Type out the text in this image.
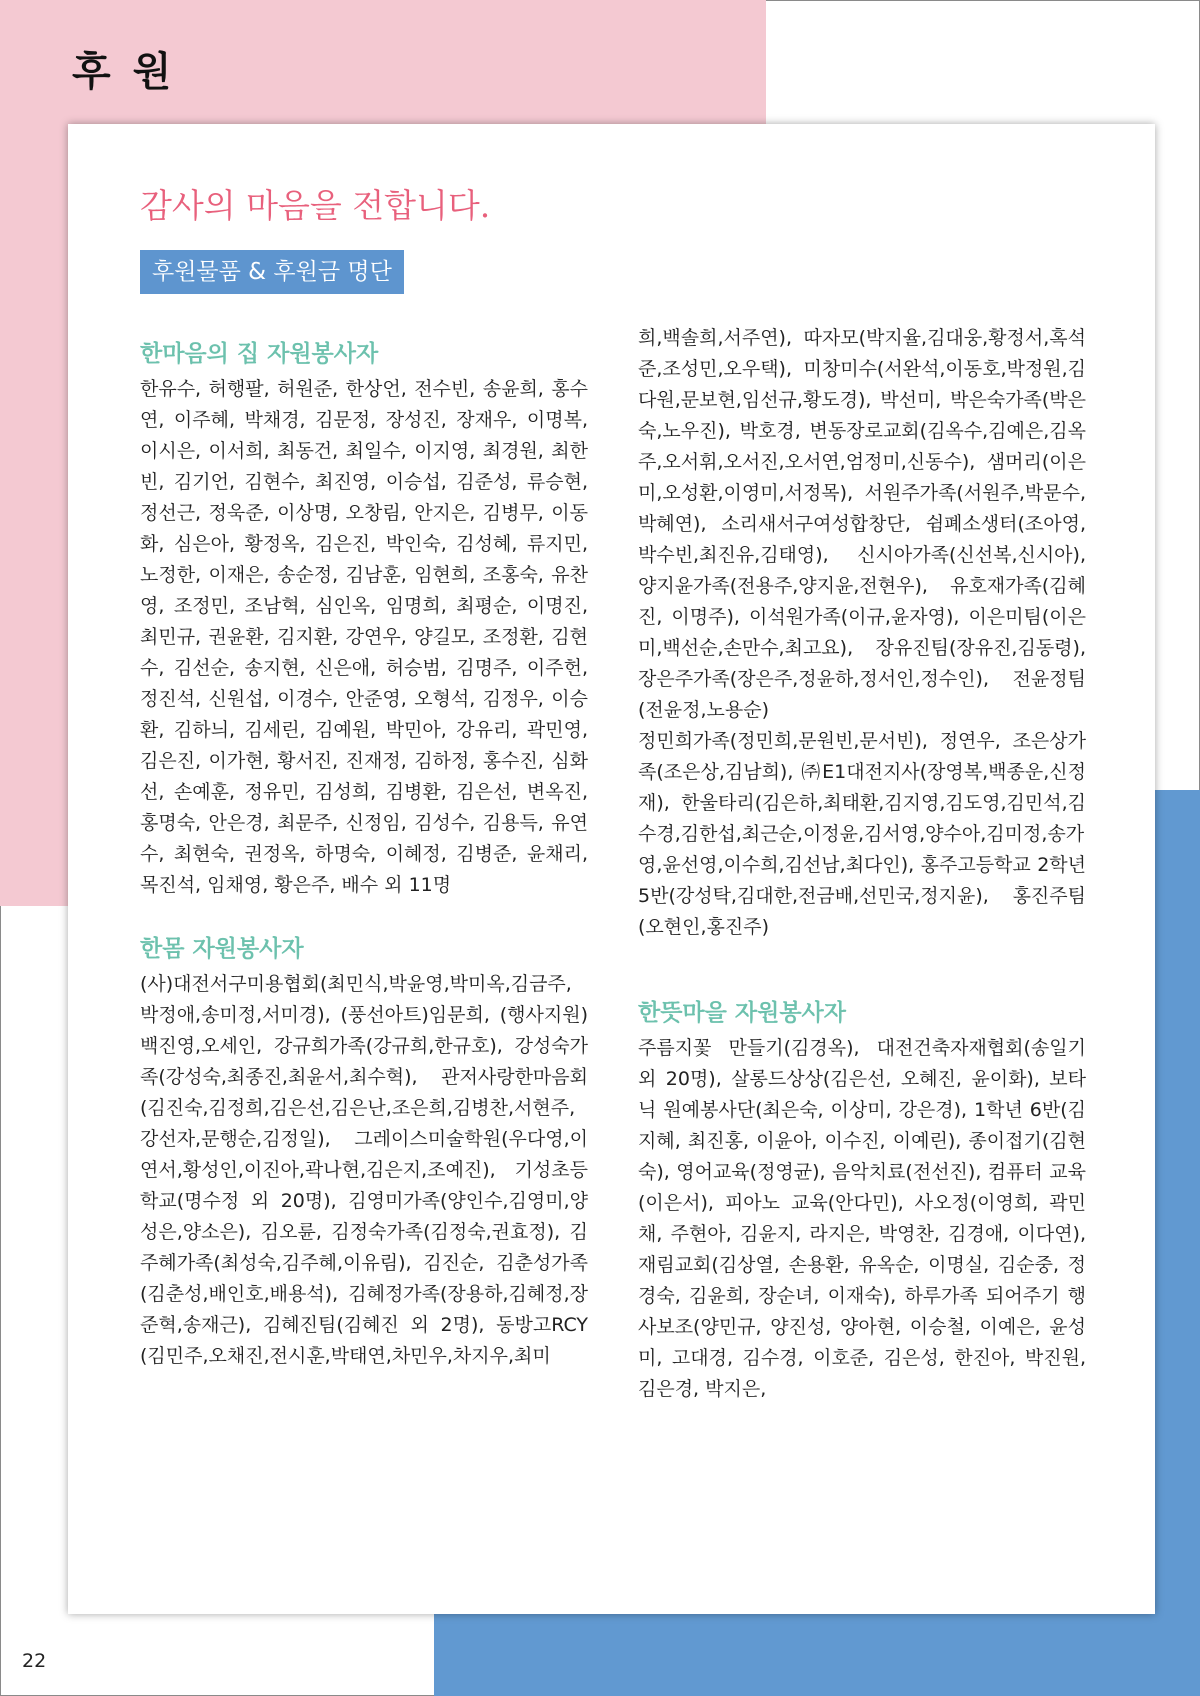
후 원
감사의 마음을 전합니다.
후원물품 & 후원금 명단
한마음의 집 자원봉사자

한유수, 허행팔, 허원준, 한상언, 전수빈, 송윤희, 홍수연, 이주혜, 박채경, 김문정, 장성진, 장재우, 이명복, 이시은, 이서희, 최동건, 최일수, 이지영, 최경원, 최한빈, 김기언, 김현수, 최진영, 이승섭, 김준성, 류승현, 정선근, 정욱준, 이상명, 오창림, 안지은, 김병무, 이동화, 심은아, 황정옥, 김은진, 박인숙, 김성혜, 류지민, 노정한, 이재은, 송순정, 김남훈, 임현희, 조홍숙, 유찬영, 조정민, 조남혁, 심인옥, 임명희, 최평순, 이명진, 최민규, 권윤환, 김지환, 강연우, 양길모, 조정환, 김현수, 김선순, 송지현, 신은애, 허승범, 김명주, 이주헌, 정진석, 신원섭, 이경수, 안준영, 오형석, 김정우, 이승환, 김하늬, 김세린, 김예원, 박민아, 강유리, 곽민영, 김은진, 이가현, 황서진, 진재정, 김하정, 홍수진, 심화선, 손예훈, 정유민, 김성희, 김병환, 김은선, 변옥진, 홍명숙, 안은경, 최문주, 신정임, 김성수, 김용득, 유연수, 최현숙, 권정옥, 하명숙, 이혜정, 김병준, 윤채리, 목진석, 임채영, 황은주, 배수 외 11명

한몸 자원봉사자

(사)대전서구미용협회(최민식,박윤영,박미옥,김금주,박정애,송미정,서미경), (풍선아트)임문희, (행사지원)백진영,오세인, 강규희가족(강규희,한규호), 강성숙가족(강성숙,최종진,최윤서,최수혁), 관저사랑한마음회(김진숙,김정희,김은선,김은난,조은희,김병찬,서현주,강선자,문행순,김정일), 그레이스미술학원(우다영,이연서,황성인,이진아,곽나현,김은지,조예진), 기성초등학교(명수정 외 20명), 김영미가족(양인수,김영미,양성은,양소은), 김오륜, 김정숙가족(김정숙,권효정), 김주혜가족(최성숙,김주혜,이유림), 김진순, 김춘성가족(김춘성,배인호,배용석), 김혜정가족(장용하,김혜정,장준혁,송재근), 김혜진팀(김혜진 외 2명), 동방고RCY(김민주,오채진,전시훈,박태연,차민우,차지우,최미

희,백솔희,서주연), 따자모(박지율,김대웅,황정서,혹석준,조성민,오우택), 미창미수(서완석,이동호,박정원,김다원,문보현,임선규,황도경), 박선미, 박은숙가족(박은숙,노우진), 박호경, 변동장로교회(김옥수,김예은,김옥주,오서휘,오서진,오서연,엄정미,신동수), 샘머리(이은미,오성환,이영미,서정목), 서원주가족(서원주,박문수,박혜연), 소리새서구여성합창단, 쉼폐소생터(조아영,박수빈,최진유,김태영), 신시아가족(신선복,신시아), 양지윤가족(전용주,양지윤,전현우), 유호재가족(김혜진, 이명주), 이석원가족(이규,윤자영), 이은미팀(이은미,백선순,손만수,최고요), 장유진팀(장유진,김동령), 장은주가족(장은주,정윤하,정서인,정수인), 전윤정팀(전윤정,노용순)

정민희가족(정민희,문원빈,문서빈), 정연우, 조은상가족(조은상,김남희), ㈜E1대전지사(장영복,백종운,신정재), 한울타리(김은하,최태환,김지영,김도영,김민석,김수경,김한섭,최근순,이정윤,김서영,양수아,김미정,송가영,윤선영,이수희,김선남,최다인), 홍주고등학교 2학년5반(강성탁,김대한,전금배,선민국,정지윤), 홍진주팀(오현인,홍진주)

한뜻마을 자원봉사자

주름지꽃 만들기(김경옥), 대전건축자재협회(송일기 외 20명), 살롱드상상(김은선, 오혜진, 윤이화), 보타닉 원예봉사단(최은숙, 이상미, 강은경), 1학년 6반(김지혜, 최진홍, 이윤아, 이수진, 이예린), 종이접기(김현숙), 영어교육(정영균), 음악치료(전선진), 컴퓨터 교육(이은서), 피아노 교육(안다민), 사오정(이영희, 곽민채, 주현아, 김윤지, 라지은, 박영찬, 김경애, 이다연), 재림교회(김상열, 손용환, 유옥순, 이명실, 김순중, 정경숙, 김윤희, 장순녀, 이재숙), 하루가족 되어주기 행사보조(양민규, 양진성, 양아현, 이승철, 이예은, 윤성미, 고대경, 김수경, 이호준, 김은성, 한진아, 박진원, 김은경, 박지은,

22
